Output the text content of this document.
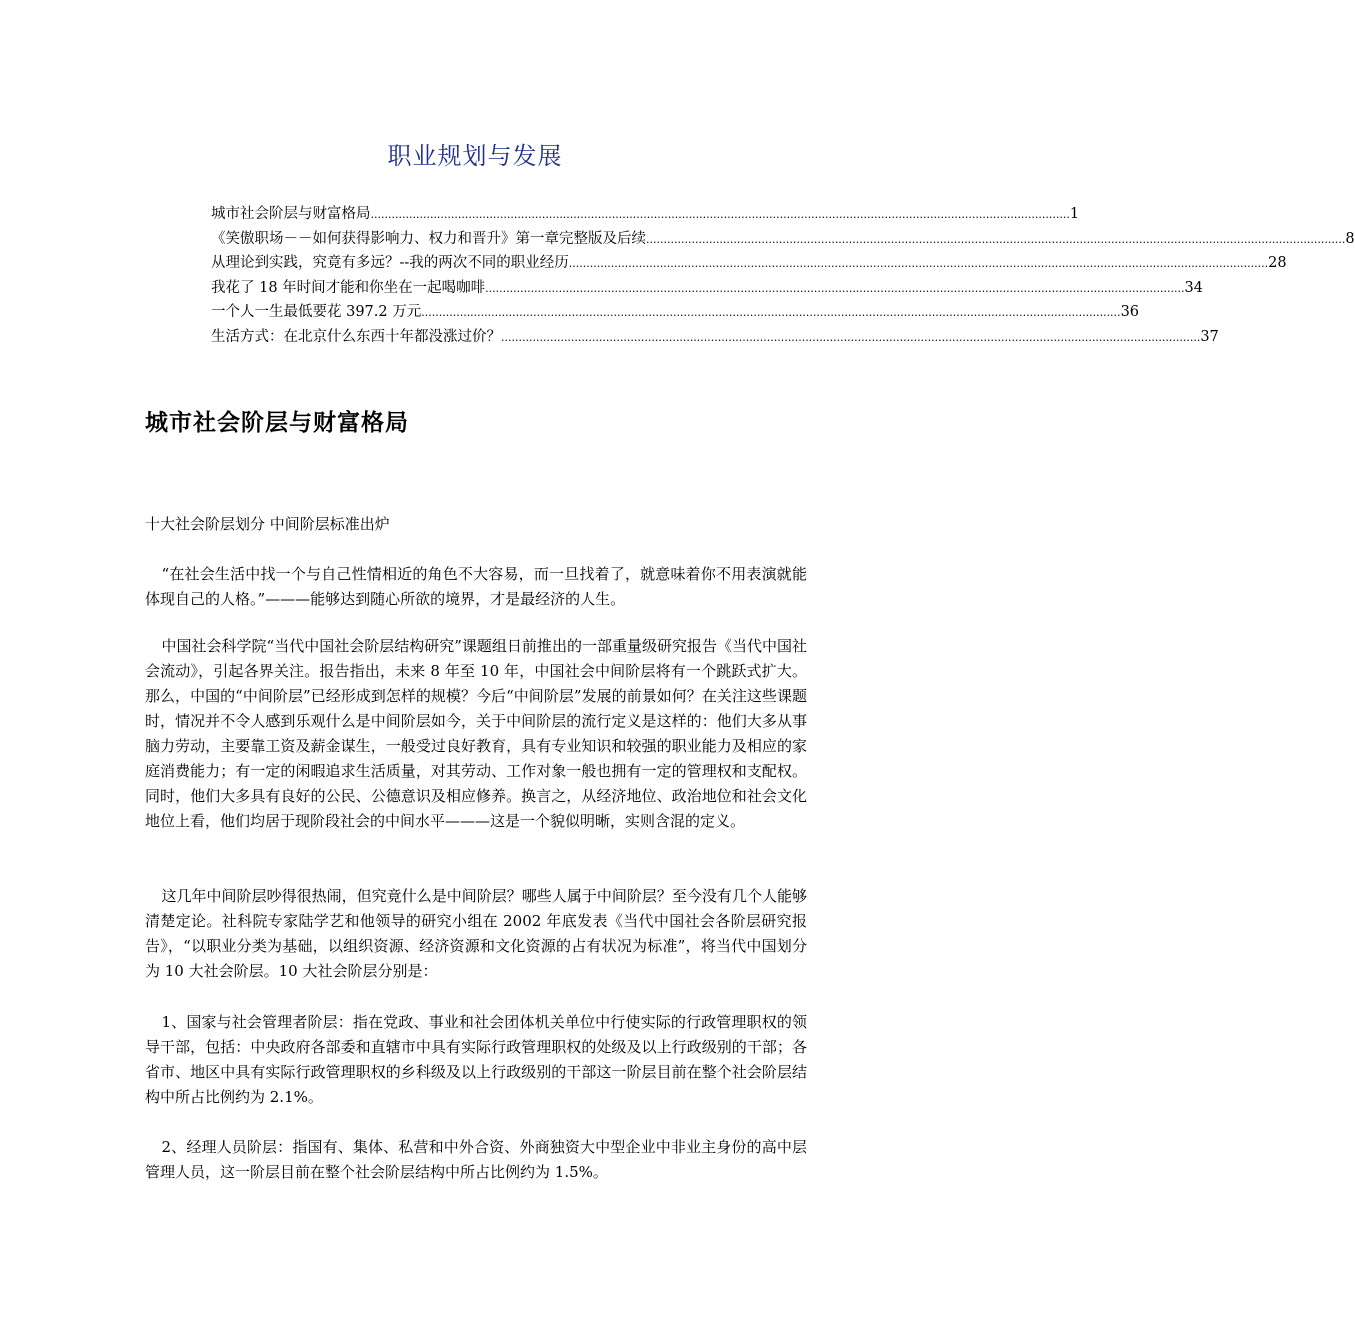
职业规划与发展
城市社会阶层与财富格局 ........................................................................................................................................................................................................ 1
《笑傲职场－－如何获得影响力、权力和晋升》第一章完整版及后续 ........................................................................................................................................................................................................ 8
从理论到实践，究竟有多远？--我的两次不同的职业经历 ........................................................................................................................................................................................................ 28
我花了 18 年时间才能和你坐在一起喝咖啡 ........................................................................................................................................................................................................ 34
一个人一生最低要花 397.2 万元 ........................................................................................................................................................................................................ 36
生活方式：在北京什么东西十年都没涨过价？ ........................................................................................................................................................................................................ 37
城市社会阶层与财富格局
十大社会阶层划分 中间阶层标准出炉
“在社会生活中找一个与自己性情相近的角色不大容易，而一旦找着了，就意味着你不用表演就能体现自己的人格。”———能够达到随心所欲的境界，才是最经济的人生。
中国社会科学院“当代中国社会阶层结构研究”课题组日前推出的一部重量级研究报告《当代中国社会流动》，引起各界关注。报告指出，未来 8 年至 10 年，中国社会中间阶层将有一个跳跃式扩大。那么，中国的“中间阶层”已经形成到怎样的规模？今后“中间阶层”发展的前景如何？在关注这些课题时，情况并不令人感到乐观什么是中间阶层如今，关于中间阶层的流行定义是这样的：他们大多从事脑力劳动，主要靠工资及薪金谋生，一般受过良好教育，具有专业知识和较强的职业能力及相应的家庭消费能力；有一定的闲暇追求生活质量，对其劳动、工作对象一般也拥有一定的管理权和支配权。同时，他们大多具有良好的公民、公德意识及相应修养。换言之，从经济地位、政治地位和社会文化地位上看，他们均居于现阶段社会的中间水平———这是一个貌似明晰，实则含混的定义。
这几年中间阶层吵得很热闹，但究竟什么是中间阶层？哪些人属于中间阶层？至今没有几个人能够清楚定论。社科院专家陆学艺和他领导的研究小组在 2002 年底发表《当代中国社会各阶层研究报告》，“以职业分类为基础，以组织资源、经济资源和文化资源的占有状况为标准”，将当代中国划分为 10 大社会阶层。10 大社会阶层分别是：
1、国家与社会管理者阶层：指在党政、事业和社会团体机关单位中行使实际的行政管理职权的领导干部，包括：中央政府各部委和直辖市中具有实际行政管理职权的处级及以上行政级别的干部；各省市、地区中具有实际行政管理职权的乡科级及以上行政级别的干部这一阶层目前在整个社会阶层结构中所占比例约为 2.1%。
2、经理人员阶层：指国有、集体、私营和中外合资、外商独资大中型企业中非业主身份的高中层管理人员，这一阶层目前在整个社会阶层结构中所占比例约为 1.5%。
